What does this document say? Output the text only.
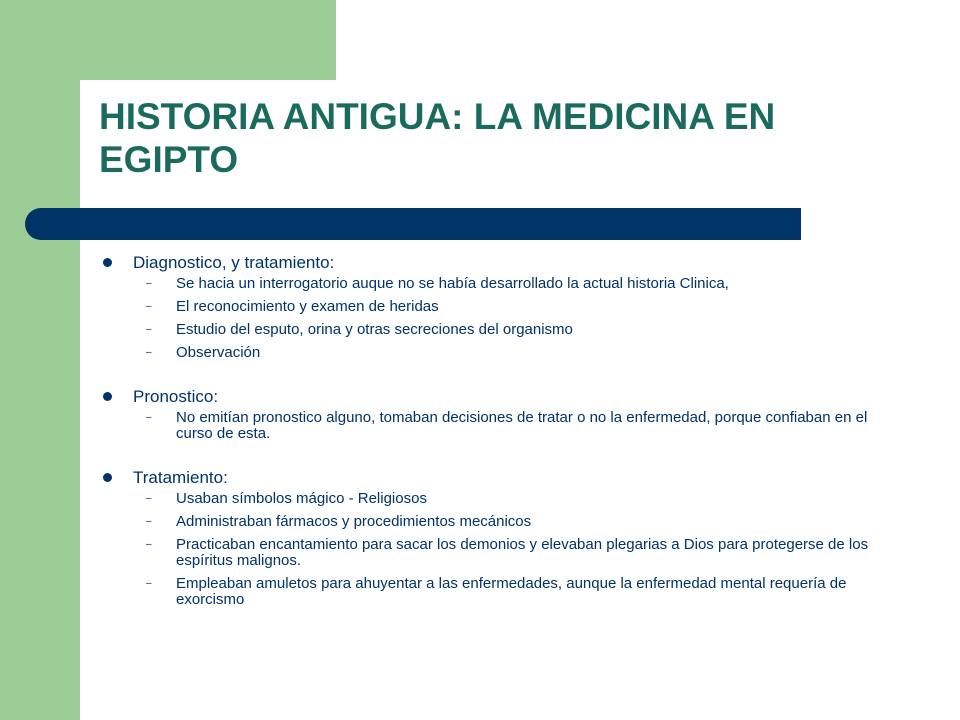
HISTORIA ANTIGUA: LA MEDICINA EN EGIPTO
Diagnostico, y tratamiento:
–	Se hacia un interrogatorio auque no se había desarrollado la actual historia Clinica,
–	El reconocimiento y examen de heridas
–	Estudio del esputo, orina y otras secreciones del organismo
–	Observación
Pronostico:
–	No emitían pronostico alguno, tomaban decisiones de tratar o no la enfermedad, porque confiaban en el curso de esta.
Tratamiento:
–	Usaban símbolos mágico - Religiosos
–	Administraban fármacos y procedimientos mecánicos
–	Practicaban encantamiento para sacar los demonios y elevaban plegarias a Dios para protegerse de los espíritus malignos.
–	Empleaban amuletos para ahuyentar a las enfermedades, aunque la enfermedad mental requería de exorcismo
